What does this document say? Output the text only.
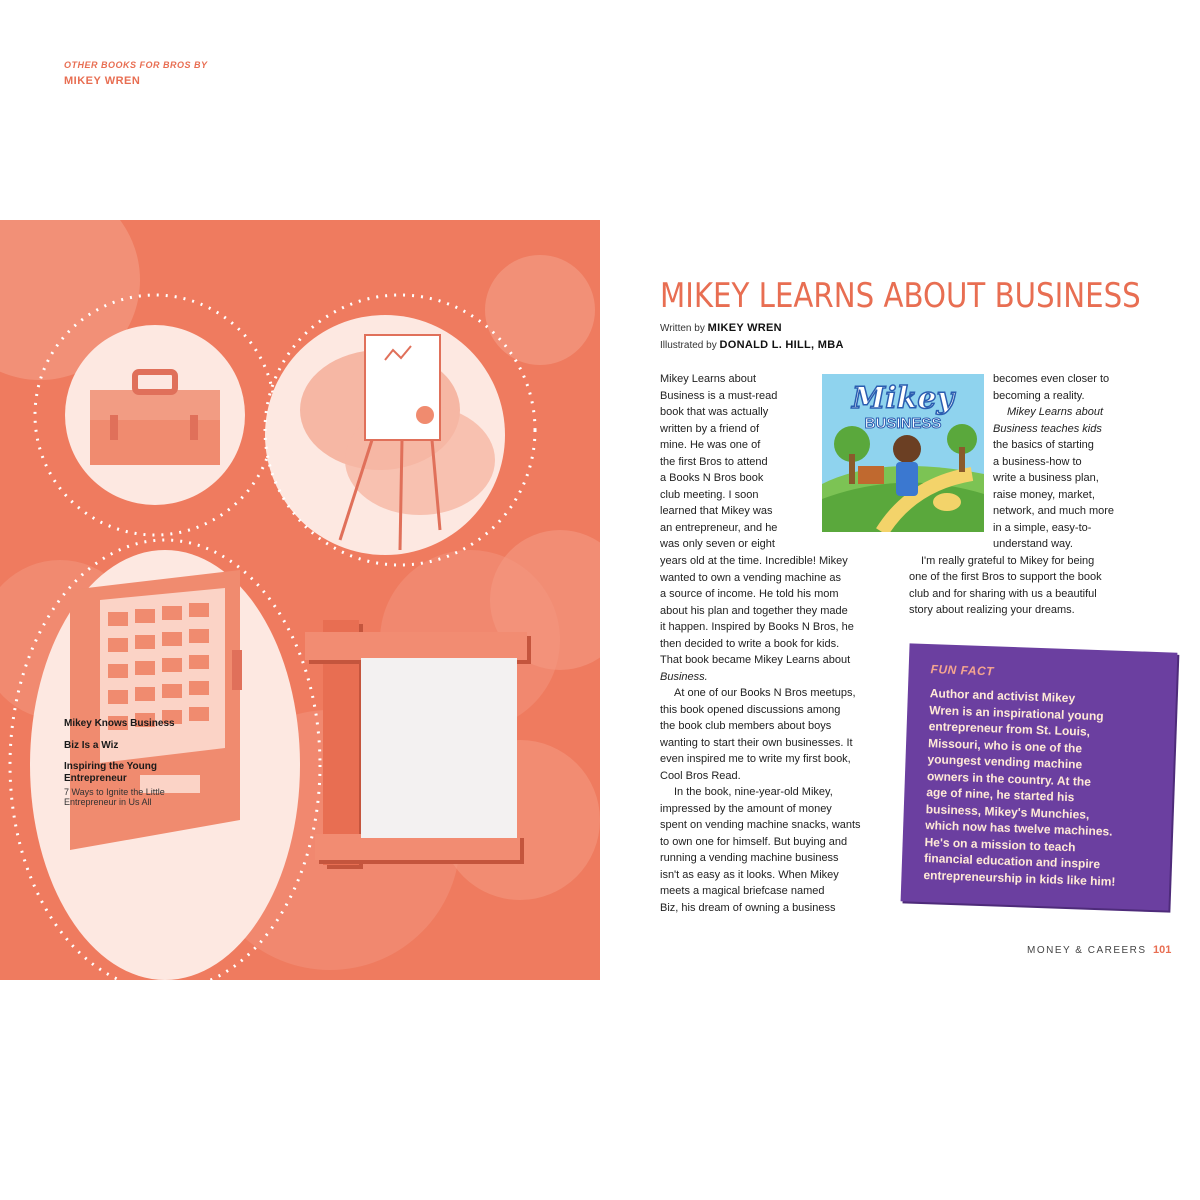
OTHER BOOKS FOR BROS BY
MIKEY WREN
Mikey Knows Business
Biz Is a Wiz
Inspiring the Young
Entrepreneur
7 Ways to Ignite the Little
Entrepreneur in Us All
MIKEY LEARNS ABOUT BUSINESS
Written by MIKEY WREN
Illustrated by DONALD L. HILL, MBA
Mikey
BUSINESS
Mikey Learns about
Business is a must-read
book that was actually
written by a friend of
mine. He was one of
the first Bros to attend
a Books N Bros book
club meeting. I soon
learned that Mikey was
an entrepreneur, and he
was only seven or eight
years old at the time. Incredible! Mikey
wanted to own a vending machine as
a source of income. He told his mom
about his plan and together they made
it happen. Inspired by Books N Bros, he
then decided to write a book for kids.
That book became Mikey Learns about
Business.
At one of our Books N Bros meetups,
this book opened discussions among
the book club members about boys
wanting to start their own businesses. It
even inspired me to write my first book,
Cool Bros Read.
In the book, nine-year-old Mikey,
impressed by the amount of money
spent on vending machine snacks, wants
to own one for himself. But buying and
running a vending machine business
isn't as easy as it looks. When Mikey
meets a magical briefcase named
Biz, his dream of owning a business
becomes even closer to
becoming a reality.
Mikey Learns about
Business teaches kids
the basics of starting
a business-how to
write a business plan,
raise money, market,
network, and much more
in a simple, easy-to-
understand way.
I'm really grateful to Mikey for being
one of the first Bros to support the book
club and for sharing with us a beautiful
story about realizing your dreams.
FUN FACT
Author and activist Mikey
Wren is an inspirational young
entrepreneur from St. Louis,
Missouri, who is one of the
youngest vending machine
owners in the country. At the
age of nine, he started his
business, Mikey's Munchies,
which now has twelve machines.
He's on a mission to teach
financial education and inspire
entrepreneurship in kids like him!
MONEY & CAREERS 101
